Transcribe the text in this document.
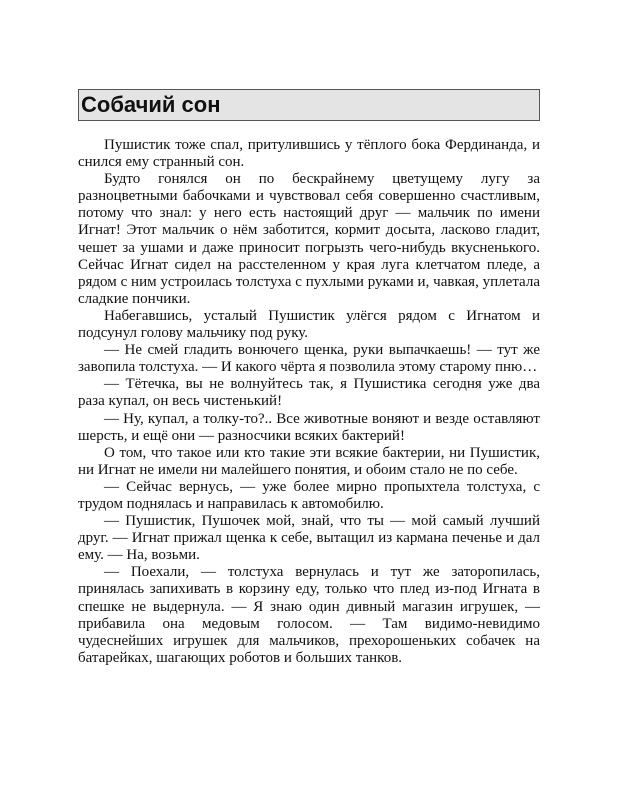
Собачий сон

Пушистик тоже спал, притулившись у тёплого бока Фердинанда, и снился ему странный сон.

Будто гонялся он по бескрайнему цветущему лугу за разноцветными бабочками и чувствовал себя совершенно счастливым, потому что знал: у него есть настоящий друг — мальчик по имени Игнат! Этот мальчик о нём заботится, кормит досыта, ласково гладит, чешет за ушами и даже приносит погрызть чего-нибудь вкусненького. Сейчас Игнат сидел на расстеленном у края луга клетчатом пледе, а рядом с ним устроилась толстуха с пухлыми руками и, чавкая, уплетала сладкие пончики.

Набегавшись, усталый Пушистик улёгся рядом с Игнатом и подсунул голову мальчику под руку.

— Не смей гладить вонючего щенка, руки выпачкаешь! — тут же завопила толстуха. — И какого чёрта я позволила этому старому пню…

— Тётечка, вы не волнуйтесь так, я Пушистика сегодня уже два раза купал, он весь чистенький!

— Ну, купал, а толку-то?.. Все животные воняют и везде оставляют шерсть, и ещё они — разносчики всяких бактерий!

О том, что такое или кто такие эти всякие бактерии, ни Пушистик, ни Игнат не имели ни малейшего понятия, и обоим стало не по себе.

— Сейчас вернусь, — уже более мирно пропыхтела толстуха, с трудом поднялась и направилась к автомобилю.

— Пушистик, Пушочек мой, знай, что ты — мой самый лучший друг. — Игнат прижал щенка к себе, вытащил из кармана печенье и дал ему. — На, возьми.

— Поехали, — толстуха вернулась и тут же заторопилась, принялась запихивать в корзину еду, только что плед из-под Игната в спешке не выдернула. — Я знаю один дивный магазин игрушек, — прибавила она медовым голосом. — Там видимо-невидимо чудеснейших игрушек для мальчиков, прехорошеньких собачек на батарейках, шагающих роботов и больших танков.
